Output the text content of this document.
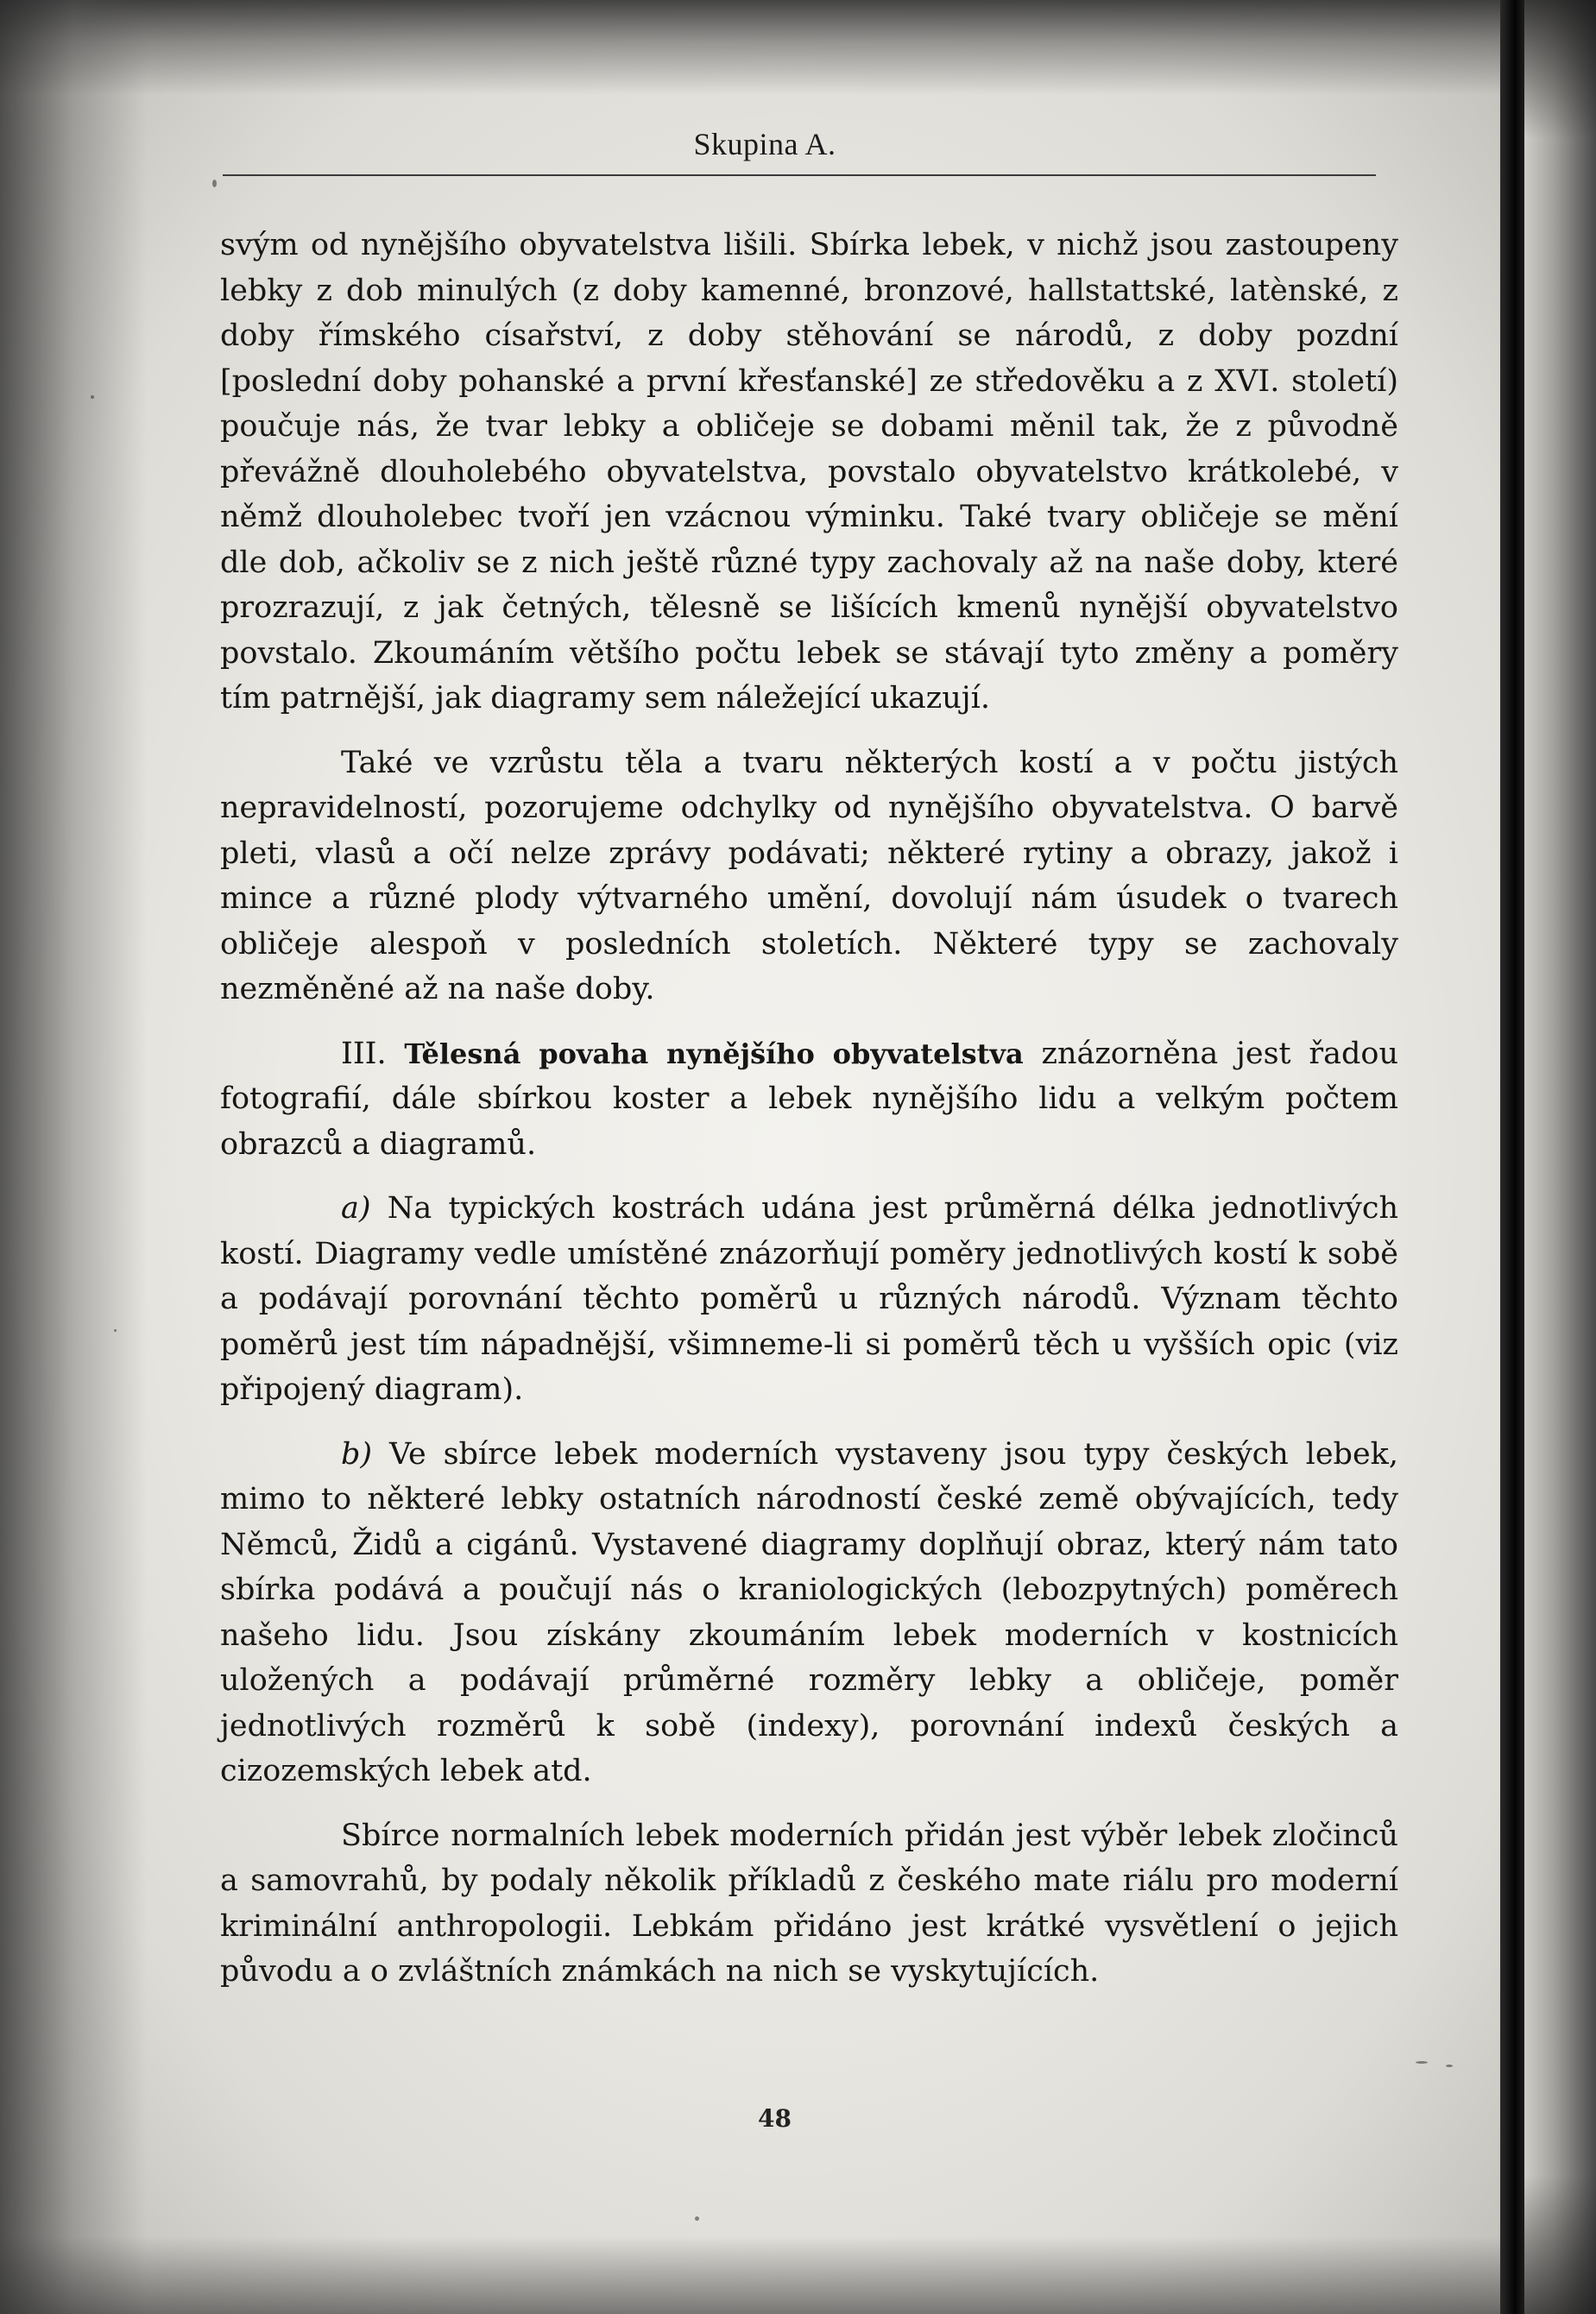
Skupina A.

svým od nynějšího obyvatelstva lišili. Sbírka lebek, v nichž jsou zastoupeny lebky z dob minulých (z doby kamenné, bronzové, hallstattské, latènské, z doby římského císařství, z doby stěhování se národů, z doby pozdní [poslední doby pohanské a první křesťanské] ze středověku a z XVI. století) poučuje nás, že tvar lebky a obličeje se dobami měnil tak, že z původně převážně dlouholebého obyvatelstva, povstalo obyvatelstvo krátkolebé, v němž dlouholebec tvoří jen vzácnou výminku. Také tvary obličeje se mění dle dob, ačkoliv se z nich ještě různé typy zachovaly až na naše doby, které prozrazují, z jak četných, tělesně se lišících kmenů nynější obyvatelstvo povstalo. Zkoumáním většího počtu lebek se stávají tyto změny a poměry tím patrnější, jak diagramy sem náležející ukazují.

Také ve vzrůstu těla a tvaru některých kostí a v počtu jistých nepravidelností, pozorujeme odchylky od nynějšího obyvatelstva. O barvě pleti, vlasů a očí nelze zprávy podávati; některé rytiny a obrazy, jakož i mince a různé plody výtvarného umění, dovolují nám úsudek o tvarech obličeje alespoň v posledních stoletích. Některé typy se zachovaly nezměněné až na naše doby.

III. Tělesná povaha nynějšího obyvatelstva znázorněna jest řadou fotografií, dále sbírkou koster a lebek nynějšího lidu a velkým počtem obrazců a diagramů.

a) Na typických kostrách udána jest průměrná délka jednotlivých kostí. Diagramy vedle umístěné znázorňují poměry jednotlivých kostí k sobě a podávají porovnání těchto poměrů u různých národů. Význam těchto poměrů jest tím nápadnější, všimneme-li si poměrů těch u vyšších opic (viz připojený diagram).

b) Ve sbírce lebek moderních vystaveny jsou typy českých lebek, mimo to některé lebky ostatních národností české země obývajících, tedy Němců, Židů a cigánů. Vystavené diagramy doplňují obraz, který nám tato sbírka podává a poučují nás o kraniologických (lebozpytných) poměrech našeho lidu. Jsou získány zkoumáním lebek moderních v kostnicích uložených a podávají průměrné rozměry lebky a obličeje, poměr jednotlivých rozměrů k sobě (indexy), porovnání indexů českých a cizozemských lebek atd.

Sbírce normalních lebek moderních přidán jest výběr lebek zločinců a samovrahů, by podaly několik příkladů z českého mate riálu pro moderní kriminální anthropologii. Lebkám přidáno jest krátké vysvětlení o jejich původu a o zvláštních známkách na nich se vyskytujících.

48
